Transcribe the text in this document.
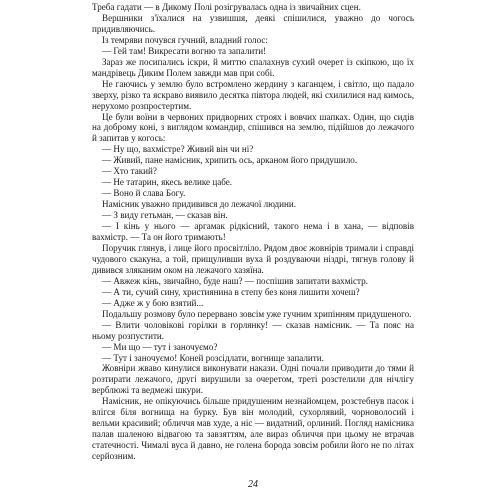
Треба гадати — в Дикому Полі розігрувалась одна із звичайних сцен.

Вершники з'їхалися на узвишшя, деякі спішилися, уважно до чогось придивляючись.

Із темряви почувся гучний, владний голос:

— Гей там! Викресати вогню та запалити!

Зараз же посипались іскри, й миттю спалахнув сухий очерет із скіпкою, що їх мандрівець Диким Полем завжди мав при собі.

Не гаючись у землю було встромлено жердину з каганцем, і світло, що падало зверху, різко та яскраво виявило десятка півтора людей, які схилилися над кимось, нерухомо розпростертим.

Це були воїни в червоних придворних строях і вовчих шапках. Один, що сидів на доброму коні, з виглядом командир, спішився на землю, підійшов до лежачого й запитав у когось:

— Ну що, вахмістре? Живий він чи ні?

— Живий, пане намісник, хрипить ось, арканом його придушило.

— Хто такий?

— Не татарин, якесь велике цабе.

— Воно й слава Богу.

Намісник уважно придивився до лежачої людини.

— З виду гетьман, — сказав він.

— І кінь у нього — аргамак рідкісний, такого нема і в хана, — відповів вахмістр. — Та он його тримають!

Поручик глянув, і лице його просвітліло. Рядом двоє жовнірів тримали і справді чудового скакуна, а той, прищуливши вуха й роздуваючи ніздрі, тягнув голову й дивився зляканим оком на лежачого хазяїна.

— Авжеж кінь, звичайно, буде наш? — поспішив запитати вахмістр.

— А ти, сучий сину, християнина в степу без коня лишити хочеш?

— Адже ж у бою взятий...

Подальшу розмову було перервано зовсім уже гучним хрипінням придушеного.

— Влити чоловікові горілки в горлянку! — сказав намісник. — Та пояс на ньому розпустити.

— Ми що — тут і заночуємо?

— Тут і заночуємо! Коней розсідлати, вогнище запалити.

Жовніри жваво кинулися виконувати накази. Одні почали приводити до тями й розтирати лежачого, другі вирушили за очеретом, треті розстелили для нічлігу верблюжі та ведмежі шкури.

Намісник, не опікуючись більше придушеним незнайомцем, розстебнув пасок і влігся біля вогнища на бурку. Був він молодий, сухорлявий, чорноволосий і вельми красивий; обличчя мав худе, а ніс — видатний, орлиний. Погляд намісника палав шаленою відвагою та завзяттям, але вираз обличчя при цьому не втрачав статечності. Чималі вуса й давно, не голена борода зовсім робили його не по літах серйозним.

24
